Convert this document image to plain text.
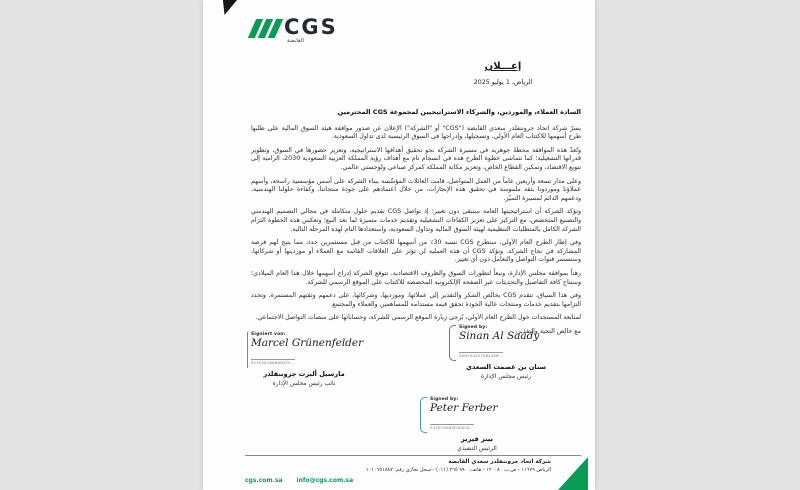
CGS
القابضة
إعـــلان
الرياض، 1 يوليو 2025
السادة العملاء، والموردين، والشركاء الاستراتيجيين لمجموعة CGS المحترمين
يسرّ شركة اتحاد جروننفلدر سعدي القابضة ("CGS" أو "الشركة") الإعلان عن صدور موافقة هيئة السوق المالية على طلبها طرح أسهمها للاكتتاب العام الأولي، وتسجيلها، وإدراجها في السوق الرئيسية لدى تداول السعودية.
وتُعدّ هذه الموافقة محطةً جوهرية في مسيرة الشركة نحو تحقيق أهدافها الاستراتيجية، وتعزيز حضورها في السوق، وتطوير قدراتها التشغيلية؛ كما تتماشى خطوة الطرح هذه في انسجام تام مع أهداف رؤية المملكة العربية السعودية 2030، الرامية إلى تنويع الاقتصاد، وتمكين القطاع الخاص، وتعزيز مكانة المملكة كمركز صناعي ولوجستي عالمي.
وعلى مدار تسعة وأربعين عاماً من العمل المتواصل، قامت العائلات المؤسِّسة ببناء الشركة على أسس مؤسسية راسخة، وأسهم عملاؤنا وموردونا بثقة ملموسة في تحقيق هذه الإنجازات، من خلال اعتمادهم على جودة منتجاتنا، وكفاءة حلولنا الهندسية، ودعمهم الدائم لمسيرة التميّز.
وتؤكد الشركة أن استراتيجيتها العامة ستبقى دون تغيير؛ إذ تواصل CGS تقديم حلول متكاملة في مجالي التصميم الهندسي والتصنيع المتخصص، مع التركيز على تعزيز الكفاءات التشغيلية وتقديم خدمات متميزة لما بعد البيع؛ وتعكس هذه الخطوة التزام الشركة الكامل بالمتطلبات التنظيمية لهيئة السوق المالية وتداول السعودية، واستعدادها التام لهذه المرحلة التالية.
وفي إطار الطرح العام الأولي، ستطرح CGS نسبة 30٪ من أسهمها للاكتتاب من قبل مستثمرين جدد، مما يتيح لهم فرصة المشاركة في نجاح الشركة. وتؤكد CGS أن هذه العملية لن تؤثر على العلاقات القائمة مع العملاء أو موردينها أو شركائها، وستستمر قنوات التواصل والتعامل دون أي تغيير.
رهناً بموافقة مجلس الإدارة، وتبعاً لتطورات السوق والظروف الاقتصادية، تتوقع الشركة إدراج أسهمها خلال هذا العام الميلادي؛ وستتاح كافة التفاصيل والتحديثات عبر الصفحة الإلكترونية المخصصة للاكتتاب على الموقع الرسمي للشركة.
وفي هذا السياق، تتقدم CGS بخالص الشكر والتقدير إلى عملائها، ومورديها، وشركائها، على دعمهم وثقتهم المستمرة، وتجدد التزامها بتقديم خدمات ومنتجات عالية الجودة تحقق قيمة مستدامة للمساهمين والعملاء والمجتمع.
لمتابعة المستجدات حول الطرح العام الأولي، يُرجى زيارة الموقع الرسمي للشركة، وحساباتها على منصات التواصل الاجتماعي.
مع خالص التحية والتقدير،
Signiert von:
Marcel Grünenfelder
911E0A16666D4F5...
مارسيل ألبرت جروننفلدر
نائب رئيس مجلس الإدارة
Signed by:
Sinan Al Saady
0D97042070844E8...
سنان بن عصمت السعدي
رئيس مجلس الإدارة
Signed by:
Peter Ferber
247EC9A69F0EAC8...
بيتر فيربر
الرئيس التنفيذي
شركة اتحاد جروننفلدر سعدي القابضة
الرياض ١١٦٧٩ - ص.ب ١٢٠٠٨٠ - هاتف: ٩٩٠ ٢٦٥ (٠١١) - سجل تجاري رقم: ١٠١٠٦٥١٨٨٧
cgs.com.sa info@cgs.com.sa
